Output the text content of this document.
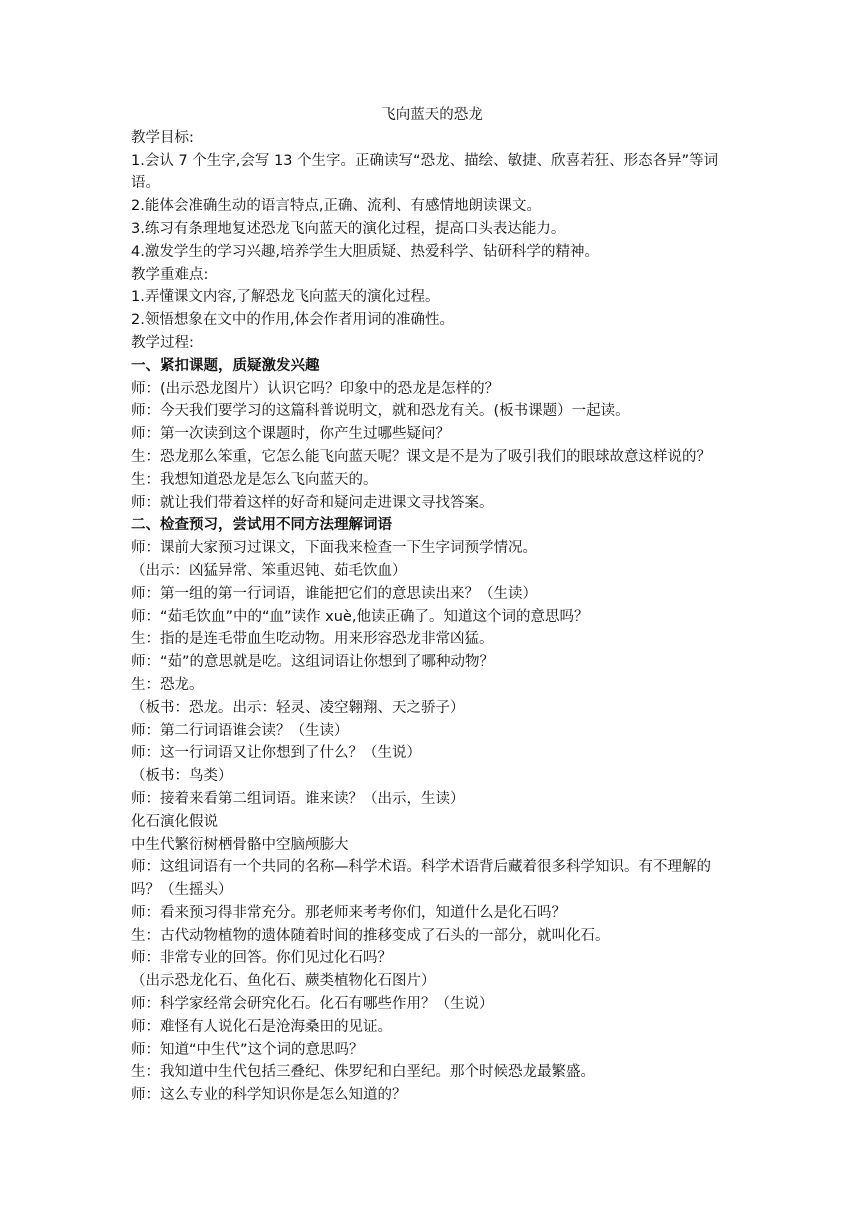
飞向蓝天的恐龙

教学目标:

1.会认 7 个生字,会写 13 个生字。正确读写“恐龙、描绘、敏捷、欣喜若狂、形态各异”等词语。

2.能体会准确生动的语言特点,正确、流利、有感情地朗读课文。

3.练习有条理地复述恐龙飞向蓝天的演化过程，提高口头表达能力。

4.激发学生的学习兴趣,培养学生大胆质疑、热爱科学、钻研科学的精神。

教学重难点:

1.弄懂课文内容,了解恐龙飞向蓝天的演化过程。

2.领悟想象在文中的作用,体会作者用词的准确性。

教学过程:

一、紧扣课题，质疑激发兴趣

师：(出示恐龙图片）认识它吗？印象中的恐龙是怎样的？

师：今天我们要学习的这篇科普说明文，就和恐龙有关。(板书课题）一起读。

师：第一次读到这个课题时，你产生过哪些疑问？

生：恐龙那么笨重，它怎么能飞向蓝天呢？课文是不是为了吸引我们的眼球故意这样说的？

生：我想知道恐龙是怎么飞向蓝天的。

师：就让我们带着这样的好奇和疑问走进课文寻找答案。

二、检查预习，尝试用不同方法理解词语

师：课前大家预习过课文，下面我来检查一下生字词预学情况。

（出示：凶猛异常、笨重迟钝、茹毛饮血）

师：第一组的第一行词语，谁能把它们的意思读出来？（生读）

师：“茹毛饮血”中的“血”读作 xuè,他读正确了。知道这个词的意思吗？

生：指的是连毛带血生吃动物。用来形容恐龙非常凶猛。

师：“茹”的意思就是吃。这组词语让你想到了哪种动物？

生：恐龙。

（板书：恐龙。出示：轻灵、凌空翱翔、天之骄子）

师：第二行词语谁会读？（生读）

师：这一行词语又让你想到了什么？（生说）

（板书：鸟类）

师：接着来看第二组词语。谁来读？（出示，生读）

化石演化假说

中生代繁衍树栖骨骼中空脑颅膨大

师：这组词语有一个共同的名称—科学术语。科学术语背后藏着很多科学知识。有不理解的吗？（生摇头）

师：看来预习得非常充分。那老师来考考你们，知道什么是化石吗？

生：古代动物植物的遗体随着时间的推移变成了石头的一部分，就叫化石。

师：非常专业的回答。你们见过化石吗？

（出示恐龙化石、鱼化石、蕨类植物化石图片）

师：科学家经常会研究化石。化石有哪些作用？（生说）

师：难怪有人说化石是沧海桑田的见证。

师：知道“中生代”这个词的意思吗？

生：我知道中生代包括三叠纪、侏罗纪和白垩纪。那个时候恐龙最繁盛。

师：这么专业的科学知识你是怎么知道的？
